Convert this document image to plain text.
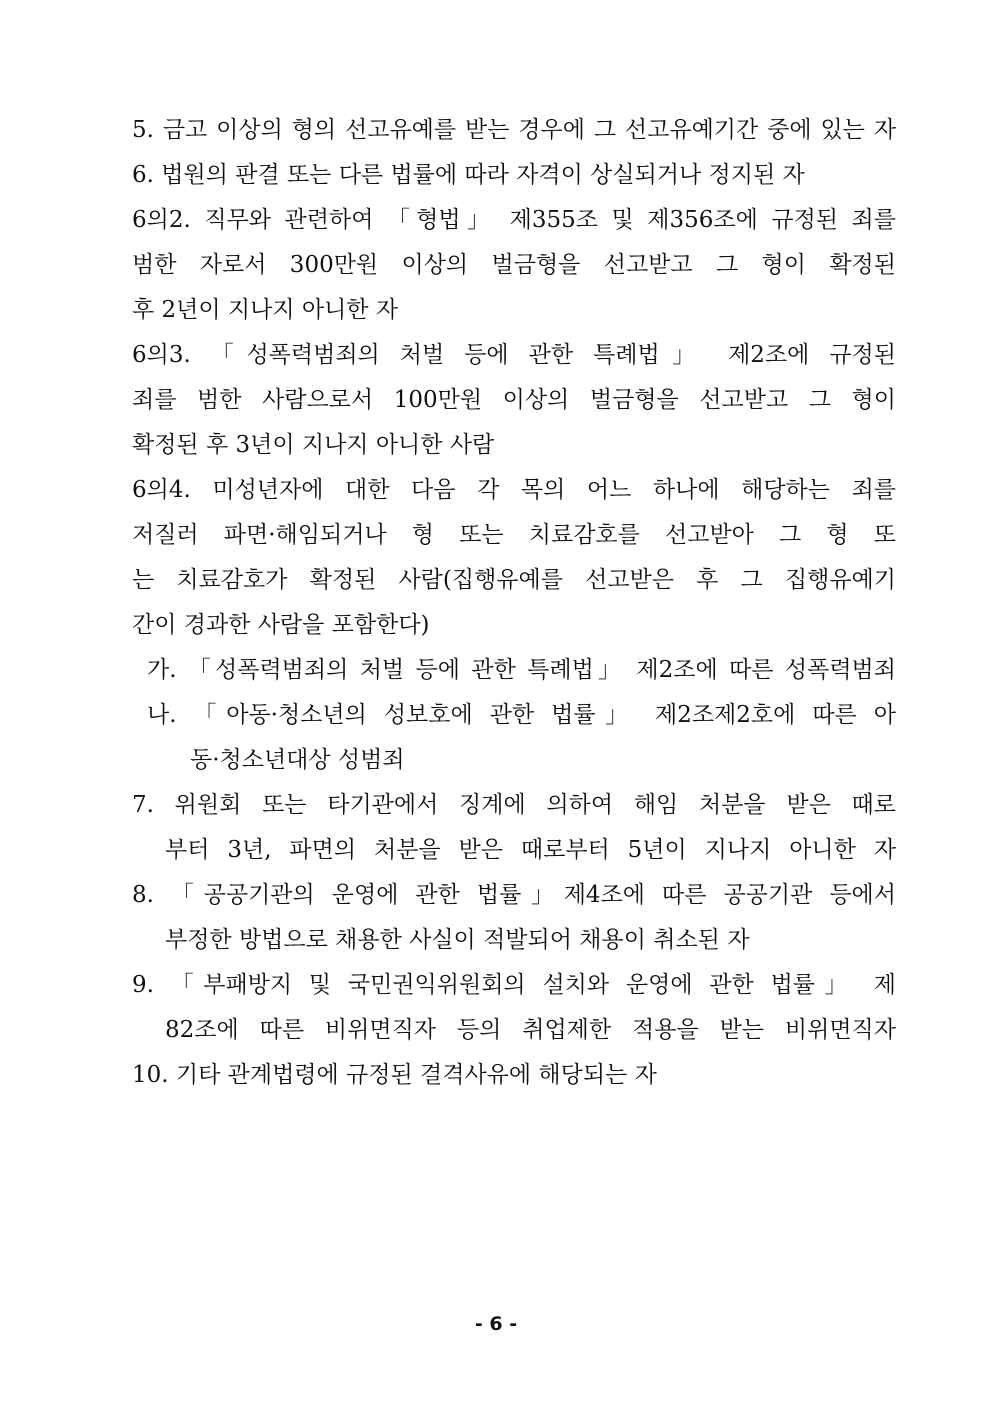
5. 금고 이상의 형의 선고유예를 받는 경우에 그 선고유예기간 중에 있는 자
6. 법원의 판결 또는 다른 법률에 따라 자격이 상실되거나 정지된 자
6의2. 직무와 관련하여 「형법」 제355조 및 제356조에 규정된 죄를
범한 자로서 300만원 이상의 벌금형을 선고받고 그 형이 확정된
후 2년이 지나지 아니한 자
6의3. 「성폭력범죄의 처벌 등에 관한 특례법」 제2조에 규정된
죄를 범한 사람으로서 100만원 이상의 벌금형을 선고받고 그 형이
확정된 후 3년이 지나지 아니한 사람
6의4. 미성년자에 대한 다음 각 목의 어느 하나에 해당하는 죄를
저질러 파면·해임되거나 형 또는 치료감호를 선고받아 그 형 또
는 치료감호가 확정된 사람(집행유예를 선고받은 후 그 집행유예기
간이 경과한 사람을 포함한다)
가. 「성폭력범죄의 처벌 등에 관한 특례법」 제2조에 따른 성폭력범죄
나. 「아동·청소년의 성보호에 관한 법률」 제2조제2호에 따른 아
동·청소년대상 성범죄
7. 위원회 또는 타기관에서 징계에 의하여 해임 처분을 받은 때로
부터 3년, 파면의 처분을 받은 때로부터 5년이 지나지 아니한 자
8. 「공공기관의 운영에 관한 법률」제4조에 따른 공공기관 등에서
부정한 방법으로 채용한 사실이 적발되어 채용이 취소된 자
9. 「부패방지 및 국민권익위원회의 설치와 운영에 관한 법률」 제
82조에 따른 비위면직자 등의 취업제한 적용을 받는 비위면직자
10. 기타 관계법령에 규정된 결격사유에 해당되는 자
- 6 -
